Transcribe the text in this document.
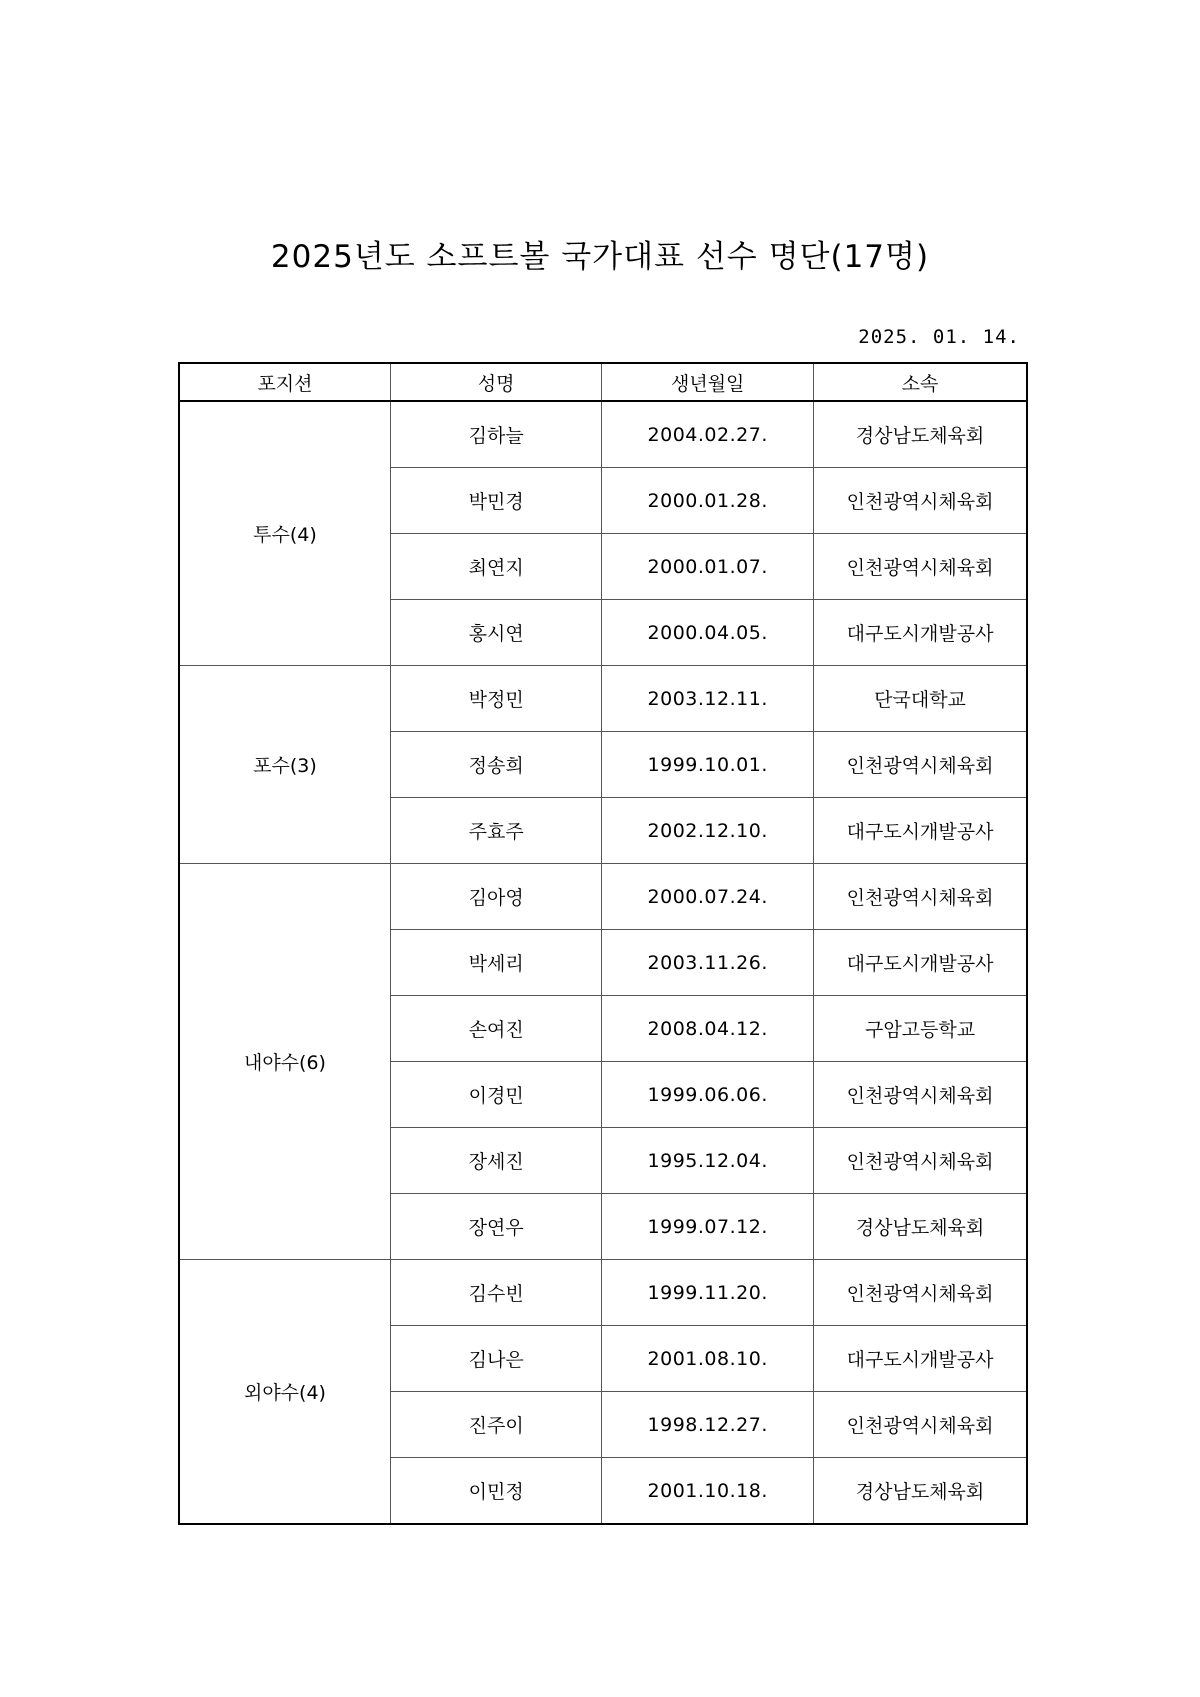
2025년도 소프트볼 국가대표 선수 명단(17명)
2025. 01. 14.
포지션	성명	생년월일	소속
투수(4)	김하늘	2004.02.27.	경상남도체육회
	박민경	2000.01.28.	인천광역시체육회
	최연지	2000.01.07.	인천광역시체육회
	홍시연	2000.04.05.	대구도시개발공사
포수(3)	박정민	2003.12.11.	단국대학교
	정송희	1999.10.01.	인천광역시체육회
	주효주	2002.12.10.	대구도시개발공사
내야수(6)	김아영	2000.07.24.	인천광역시체육회
	박세리	2003.11.26.	대구도시개발공사
	손여진	2008.04.12.	구암고등학교
	이경민	1999.06.06.	인천광역시체육회
	장세진	1995.12.04.	인천광역시체육회
	장연우	1999.07.12.	경상남도체육회
외야수(4)	김수빈	1999.11.20.	인천광역시체육회
	김나은	2001.08.10.	대구도시개발공사
	진주이	1998.12.27.	인천광역시체육회
	이민정	2001.10.18.	경상남도체육회
